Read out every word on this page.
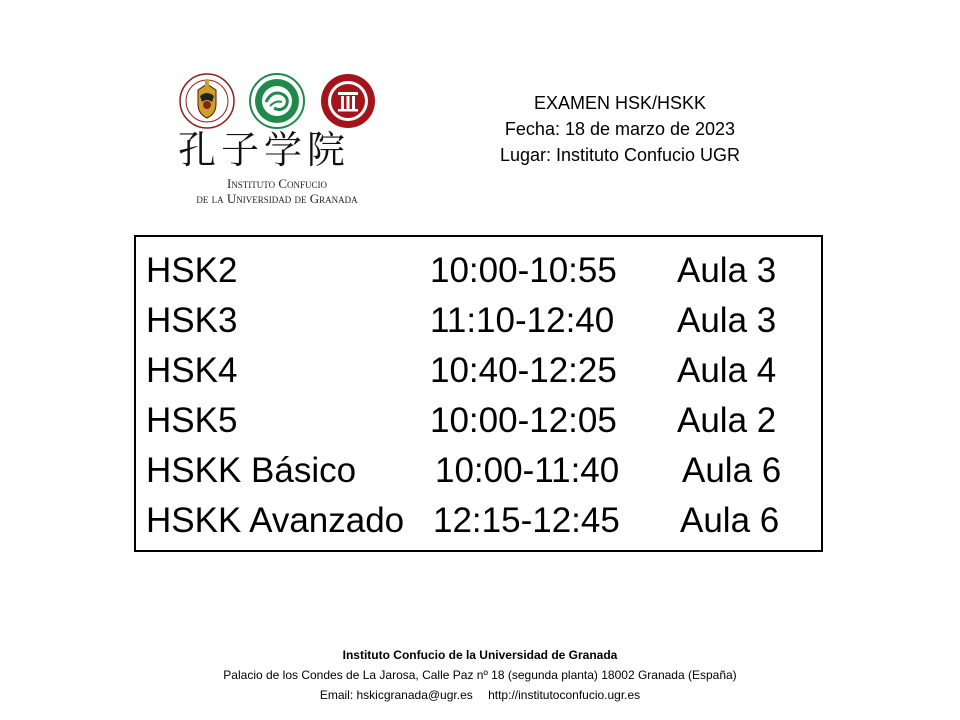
孔子学院
Instituto Confucio
de la Universidad de Granada
EXAMEN HSK/HSKK
Fecha: 18 de marzo de 2023
Lugar: Instituto Confucio UGR
HSK2	10:00-10:55 Aula 3
HSK3	11:10-12:40 Aula 3
HSK4	10:40-12:25 Aula 4
HSK5	10:00-12:05 Aula 2
HSKK Básico 10:00-11:40 Aula 6
HSKK Avanzado 12:15-12:45 Aula 6
Instituto Confucio de la Universidad de Granada
Palacio de los Condes de La Jarosa, Calle Paz nº 18 (segunda planta) 18002 Granada (España)
Email: hskicgranada@ugr.es http://institutoconfucio.ugr.es
